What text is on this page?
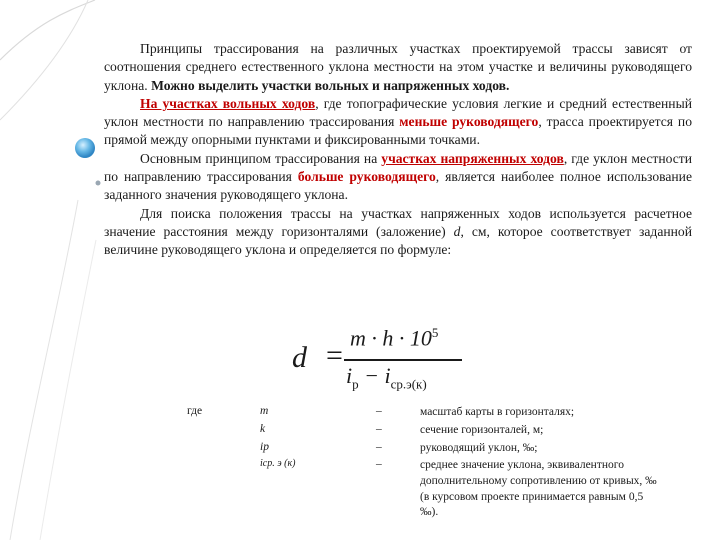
Принципы трассирования на различных участках проектируемой трассы зависят от соотношения среднего естественного уклона местности на этом участке и величины руководящего уклона. Можно выделить участки вольных и напряженных ходов.

На участках вольных ходов, где топографические условия легкие и средний естественный уклон местности по направлению трассирования меньше руководящего, трасса проектируется по прямой между опорными пунктами и фиксированными точками.

Основным принципом трассирования на участках напряженных ходов, где уклон местности по направлению трассирования больше руководящего, является наиболее полное использование заданного значения руководящего уклона.

Для поиска положения трассы на участках напряженных ходов используется расчетное значение расстояния между горизонталями (заложение) d, см, которое соответствует заданной величине руководящего уклона и определяется по формуле:

d =
$m \cdot h \cdot 10^5$
$i_р - i_{ср.э(к)}$
где	m	–	масштаб карты в горизонталях;
k	–	сечение горизонталей, м;
iр	–	руководящий уклон, ‰;
iср. э (к)	–	среднее значение уклона, эквивалентного дополнительному сопротивлению от кривых, ‰ (в курсовом проекте принимается равным 0,5 ‰).
